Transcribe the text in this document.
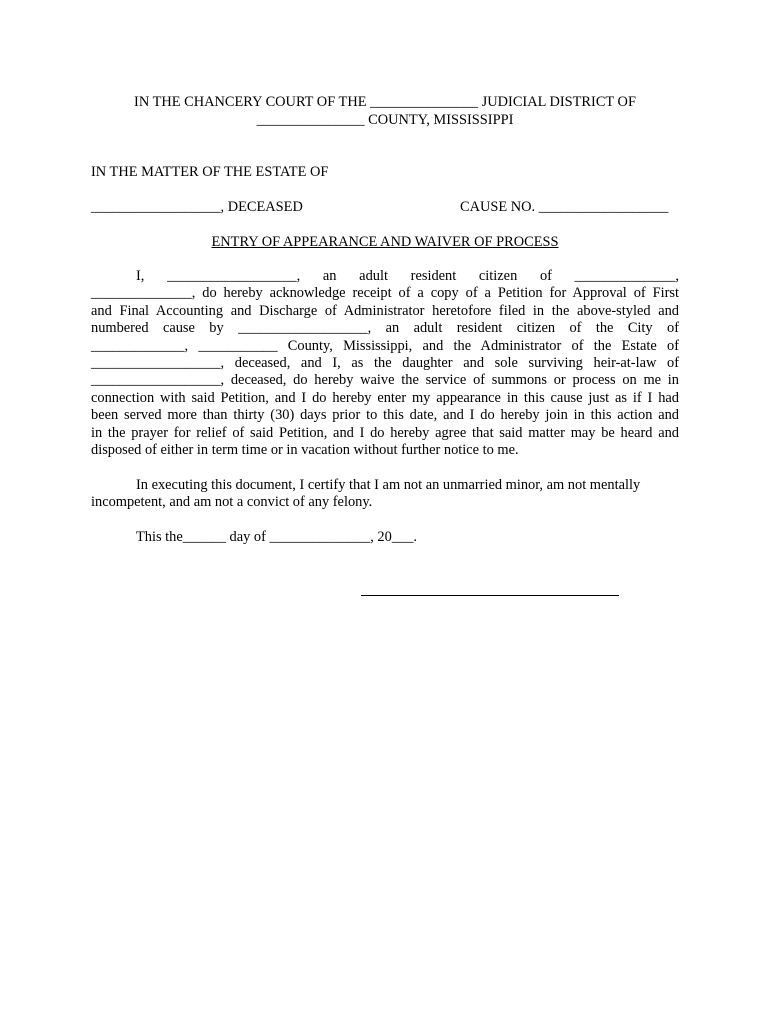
IN THE CHANCERY COURT OF THE _______________ JUDICIAL DISTRICT OF
_______________ COUNTY, MISSISSIPPI
IN THE MATTER OF THE ESTATE OF
__________________, DECEASED	CAUSE NO. __________________
ENTRY OF APPEARANCE AND WAIVER OF PROCESS
I, __________________, an adult resident citizen of ______________,
______________, do hereby acknowledge receipt of a copy of a Petition for Approval of First
and Final Accounting and Discharge of Administrator heretofore filed in the above-styled and
numbered cause by __________________, an adult resident citizen of the City of
_____________, ___________ County, Mississippi, and the Administrator of the Estate of
__________________, deceased, and I, as the daughter and sole surviving heir-at-law of
__________________, deceased, do hereby waive the service of summons or process on me in
connection with said Petition, and I do hereby enter my appearance in this cause just as if I had
been served more than thirty (30) days prior to this date, and I do hereby join in this action and
in the prayer for relief of said Petition, and I do hereby agree that said matter may be heard and
disposed of either in term time or in vacation without further notice to me.
In executing this document, I certify that I am not an unmarried minor, am not mentally
incompetent, and am not a convict of any felony.
This the______ day of ______________, 20___.
